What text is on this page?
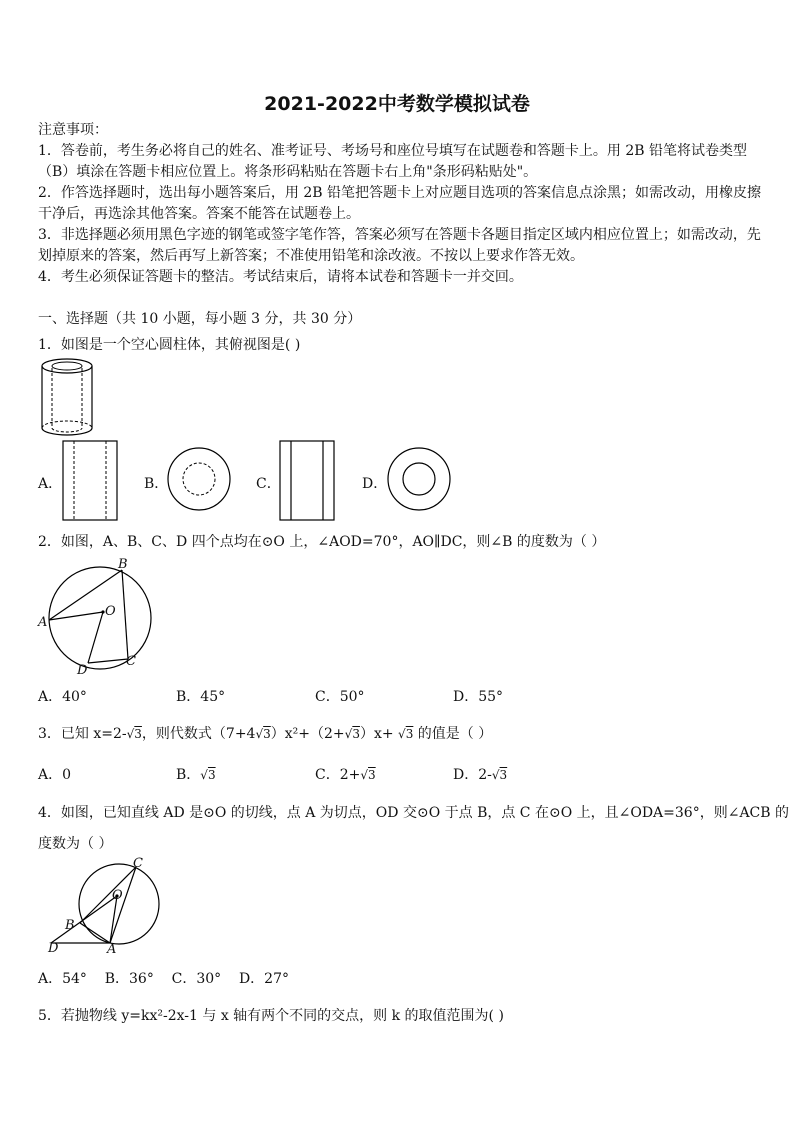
2021-2022中考数学模拟试卷
注意事项：
1．答卷前，考生务必将自己的姓名、准考证号、考场号和座位号填写在试题卷和答题卡上。用 2B 铅笔将试卷类型
（B）填涂在答题卡相应位置上。将条形码粘贴在答题卡右上角"条形码粘贴处"。
2．作答选择题时，选出每小题答案后，用 2B 铅笔把答题卡上对应题目选项的答案信息点涂黑；如需改动，用橡皮擦
干净后，再选涂其他答案。答案不能答在试题卷上。
3．非选择题必须用黑色字迹的钢笔或签字笔作答，答案必须写在答题卡各题目指定区域内相应位置上；如需改动，先
划掉原来的答案，然后再写上新答案；不准使用铅笔和涂改液。不按以上要求作答无效。
4．考生必须保证答题卡的整洁。考试结束后，请将本试卷和答题卡一并交回。
一、选择题（共 10 小题，每小题 3 分，共 30 分）
1．如图是一个空心圆柱体，其俯视图是( )
A．	B．	C．	D．
2．如图，A、B、C、D 四个点均在⊙O 上，∠AOD=70°，AO∥DC，则∠B 的度数为（ ）
B
O
A
D
C
A．40°	B．45°	C．50°	D．55°
3．已知 x=2-√3，则代数式（7+4√3）x²+（2+√3）x+ √3 的值是（ ）
A．0	B．√3	C．2+√3	D．2-√3
4．如图，已知直线 AD 是⊙O 的切线，点 A 为切点，OD 交⊙O 于点 B，点 C 在⊙O 上，且∠ODA=36°，则∠ACB 的
度数为（ ）
C
O
B
D	A
A．54°    B．36°    C．30°    D．27°
5．若抛物线 y=kx²-2x-1 与 x 轴有两个不同的交点，则 k 的取值范围为( )
